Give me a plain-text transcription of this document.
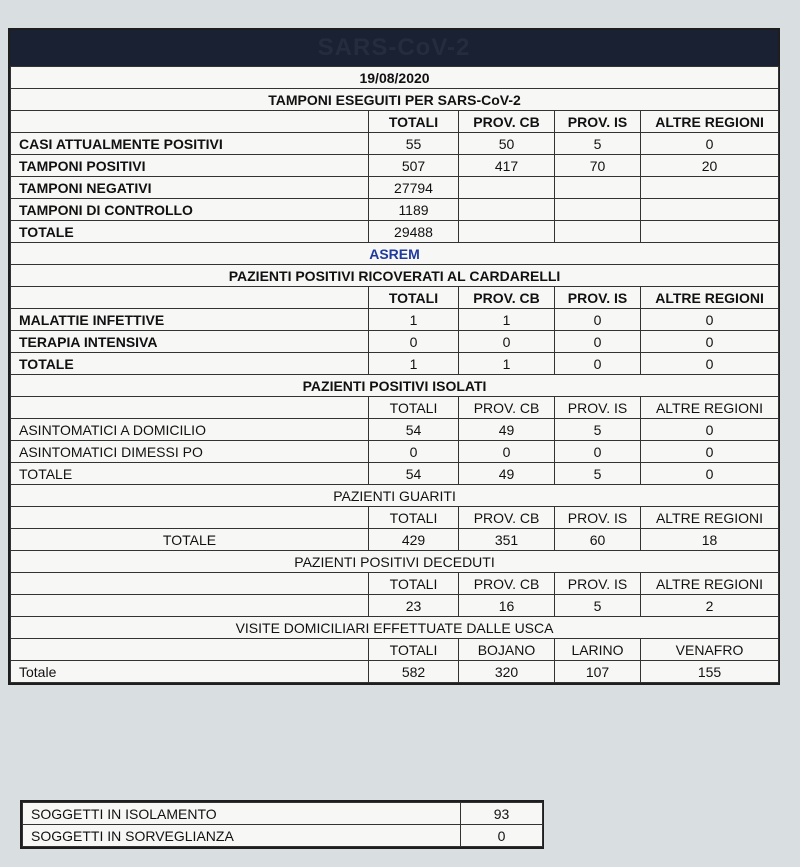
SARS-CoV-2
19/08/2020				
TAMPONI ESEGUITI PER SARS-CoV-2				
	TOTALI	PROV. CB	PROV. IS	ALTRE REGIONI
CASI ATTUALMENTE POSITIVI	55	50	5	0
TAMPONI POSITIVI	507	417	70	20
TAMPONI NEGATIVI	27794			
TAMPONI DI CONTROLLO	1189			
TOTALE	29488			
ASREM				
PAZIENTI POSITIVI RICOVERATI AL CARDARELLI				
	TOTALI	PROV. CB	PROV. IS	ALTRE REGIONI
MALATTIE INFETTIVE	1	1	0	0
TERAPIA INTENSIVA	0	0	0	0
TOTALE	1	1	0	0
PAZIENTI POSITIVI ISOLATI				
	TOTALI	PROV. CB	PROV. IS	ALTRE REGIONI
ASINTOMATICI A DOMICILIO	54	49	5	0
ASINTOMATICI DIMESSI PO	0	0	0	0
TOTALE	54	49	5	0
PAZIENTI GUARITI				
	TOTALI	PROV. CB	PROV. IS	ALTRE REGIONI
TOTALE	429	351	60	18
PAZIENTI POSITIVI DECEDUTI				
	TOTALI	PROV. CB	PROV. IS	ALTRE REGIONI
	23	16	5	2
VISITE DOMICILIARI EFFETTUATE DALLE USCA				
	TOTALI	BOJANO	LARINO	VENAFRO
Totale	582	320	107	155
SOGGETTI IN ISOLAMENTO	93
SOGGETTI IN SORVEGLIANZA	0
